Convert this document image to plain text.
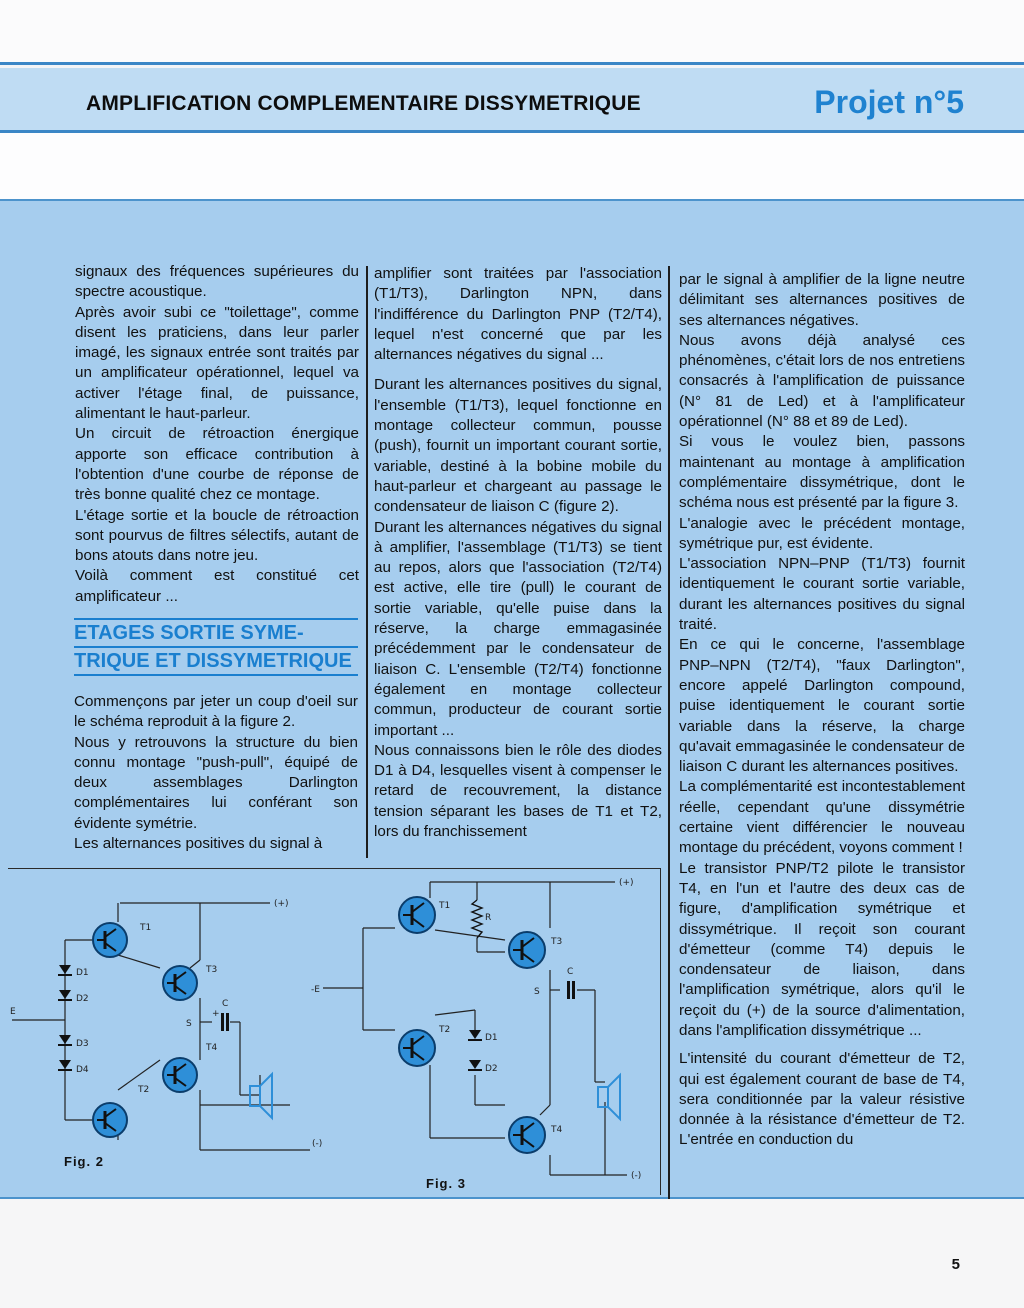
AMPLIFICATION COMPLEMENTAIRE DISSYMETRIQUE	Projet n°5

signaux des fréquences supérieures du spectre acoustique.

Après avoir subi ce "toilettage", comme disent les praticiens, dans leur parler imagé, les signaux entrée sont traités par un amplificateur opérationnel, lequel va activer l'étage final, de puissance, alimentant le haut-parleur.

Un circuit de rétroaction énergique apporte son efficace contribution à l'obtention d'une courbe de réponse de très bonne qualité chez ce montage.

L'étage sortie et la boucle de rétroaction sont pourvus de filtres sélectifs, autant de bons atouts dans notre jeu.

Voilà comment est constitué cet amplificateur ...

ETAGES SORTIE SYME-
TRIQUE ET DISSYMETRIQUE

Commençons par jeter un coup d'oeil sur le schéma reproduit à la figure 2.

Nous y retrouvons la structure du bien connu montage "push-pull", équipé de deux assemblages Darlington complémentaires lui conférant son évidente symétrie.

Les alternances positives du signal à

amplifier sont traitées par l'association (T1/T3), Darlington NPN, dans l'indifférence du Darlington PNP (T2/T4), lequel n'est concerné que par les alternances négatives du signal ...

Durant les alternances positives du signal, l'ensemble (T1/T3), lequel fonctionne en montage collecteur commun, pousse (push), fournit un important courant sortie, variable, destiné à la bobine mobile du haut-parleur et chargeant au passage le condensateur de liaison C (figure 2).

Durant les alternances négatives du signal à amplifier, l'assemblage (T1/T3) se tient au repos, alors que l'association (T2/T4) est active, elle tire (pull) le courant de sortie variable, qu'elle puise dans la réserve, la charge emmagasinée précédemment par le condensateur de liaison C. L'ensemble (T2/T4) fonctionne également en montage collecteur commun, producteur de courant sortie important ...

Nous connaissons bien le rôle des diodes D1 à D4, lesquelles visent à compenser le retard de recouvrement, la distance tension séparant les bases de T1 et T2, lors du franchissement

par le signal à amplifier de la ligne neutre délimitant ses alternances positives de ses alternances négatives.

Nous avons déjà analysé ces phénomènes, c'était lors de nos entretiens consacrés à l'amplification de puissance (N° 81 de Led) et à l'amplificateur opérationnel (N° 88 et 89 de Led).

Si vous le voulez bien, passons maintenant au montage à amplification complémentaire dissymétrique, dont le schéma nous est présenté par la figure 3.

L'analogie avec le précédent montage, symétrique pur, est évidente.

L'association NPN–PNP (T1/T3) fournit identiquement le courant sortie variable, durant les alternances positives du signal traité.

En ce qui le concerne, l'assemblage PNP–NPN (T2/T4), "faux Darlington", encore appelé Darlington compound, puise identiquement le courant sortie variable dans la réserve, la charge qu'avait emmagasinée le condensateur de liaison C durant les alternances positives.

La complémentarité est incontestablement réelle, cependant qu'une dissymétrie certaine vient différencier le nouveau montage du précédent, voyons comment !

Le transistor PNP/T2 pilote le transistor T4, en l'un et l'autre des deux cas de figure, d'amplification symétrique et dissymétrique. Il reçoit son courant d'émetteur (comme T4) depuis le condensateur de liaison, dans l'amplification symétrique, alors qu'il le reçoit du (+) de la source d'alimentation, dans l'amplification dissymétrique ...

L'intensité du courant d'émetteur de T2, qui est également courant de base de T4, sera conditionnée par la valeur résistive donnée à la résistance d'émetteur de T2. L'entrée en conduction du

T1
T3
T4
T2
D1
D2
D3
D4
E
S
C
+
(+)
(-)
Fig. 2
T1
R
T3
T2
D1
D2
T4
-E	S
C
(+)
(-)
Fig. 3
5
